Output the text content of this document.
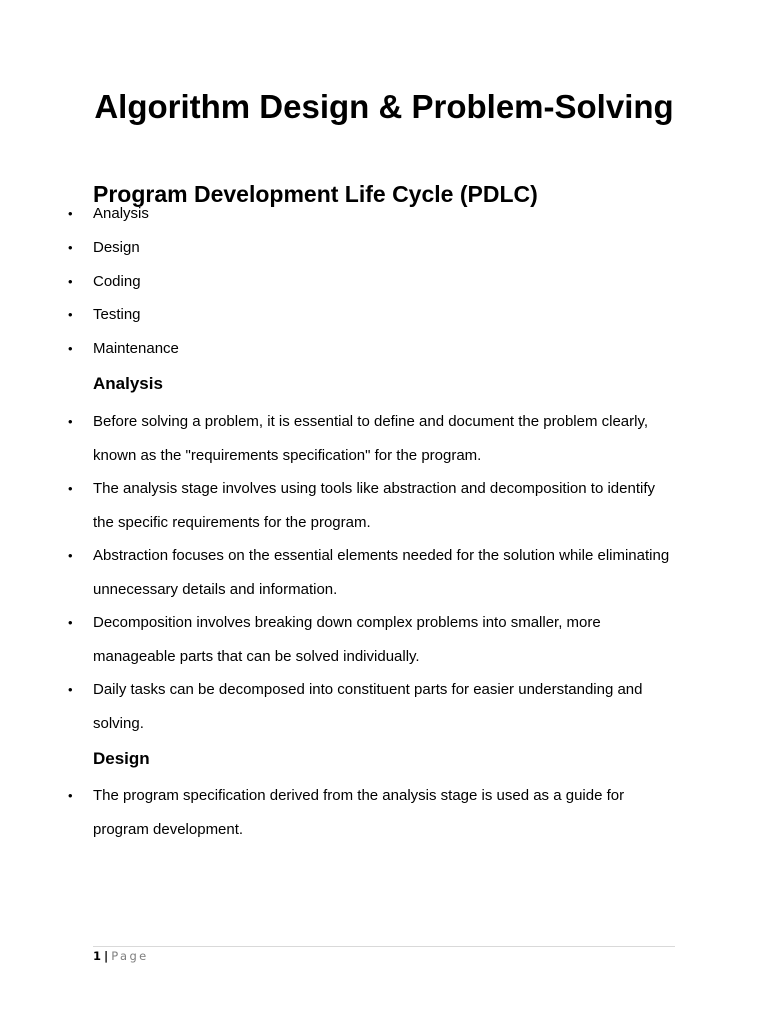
Algorithm Design & Problem-Solving
Program Development Life Cycle (PDLC)
• Analysis
• Design
• Coding
• Testing
• Maintenance
Analysis
• Before solving a problem, it is essential to define and document the problem clearly, known as the "requirements specification" for the program.
• The analysis stage involves using tools like abstraction and decomposition to identify the specific requirements for the program.
• Abstraction focuses on the essential elements needed for the solution while eliminating unnecessary details and information.
• Decomposition involves breaking down complex problems into smaller, more manageable parts that can be solved individually.
• Daily tasks can be decomposed into constituent parts for easier understanding and solving.
Design
• The program specification derived from the analysis stage is used as a guide for program development.
1 | Page
